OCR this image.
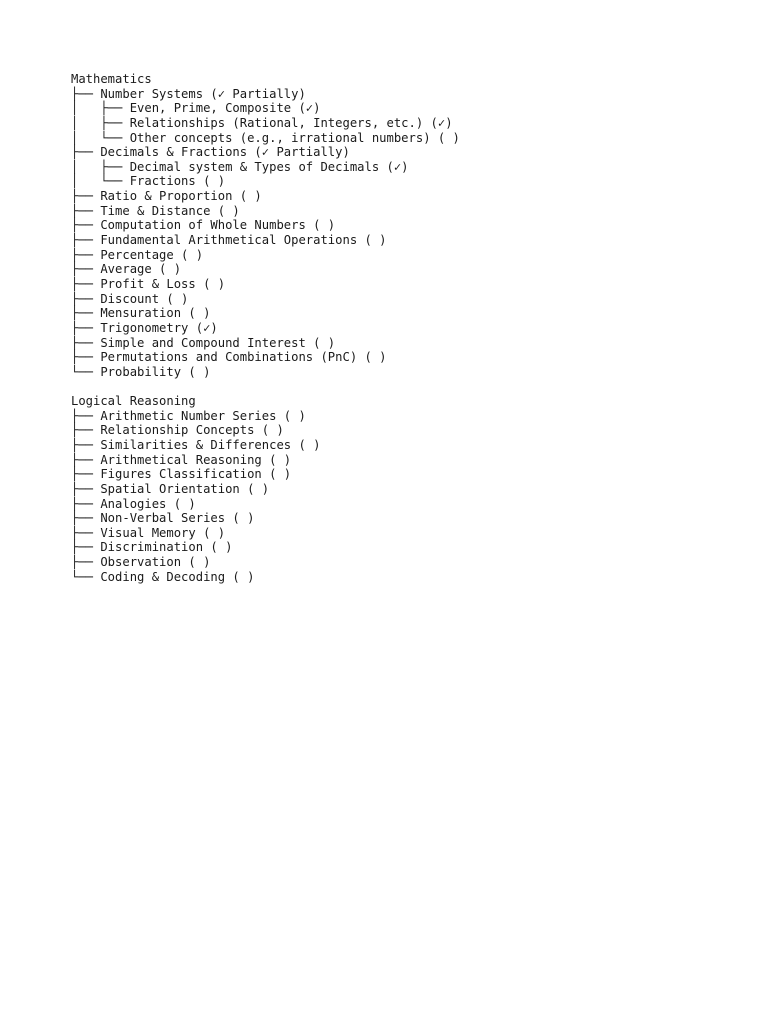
Mathematics
├── Number Systems (✓ Partially)
│   ├── Even, Prime, Composite (✓)
│   ├── Relationships (Rational, Integers, etc.) (✓)
│   └── Other concepts (e.g., irrational numbers) ( )
├── Decimals & Fractions (✓ Partially)
│   ├── Decimal system & Types of Decimals (✓)
│   └── Fractions ( )
├── Ratio & Proportion ( )
├── Time & Distance ( )
├── Computation of Whole Numbers ( )
├── Fundamental Arithmetical Operations ( )
├── Percentage ( )
├── Average ( )
├── Profit & Loss ( )
├── Discount ( )
├── Mensuration ( )
├── Trigonometry (✓)
├── Simple and Compound Interest ( )
├── Permutations and Combinations (PnC) ( )
└── Probability ( )
Logical Reasoning
├── Arithmetic Number Series ( )
├── Relationship Concepts ( )
├── Similarities & Differences ( )
├── Arithmetical Reasoning ( )
├── Figures Classification ( )
├── Spatial Orientation ( )
├── Analogies ( )
├── Non-Verbal Series ( )
├── Visual Memory ( )
├── Discrimination ( )
├── Observation ( )
└── Coding & Decoding ( )
